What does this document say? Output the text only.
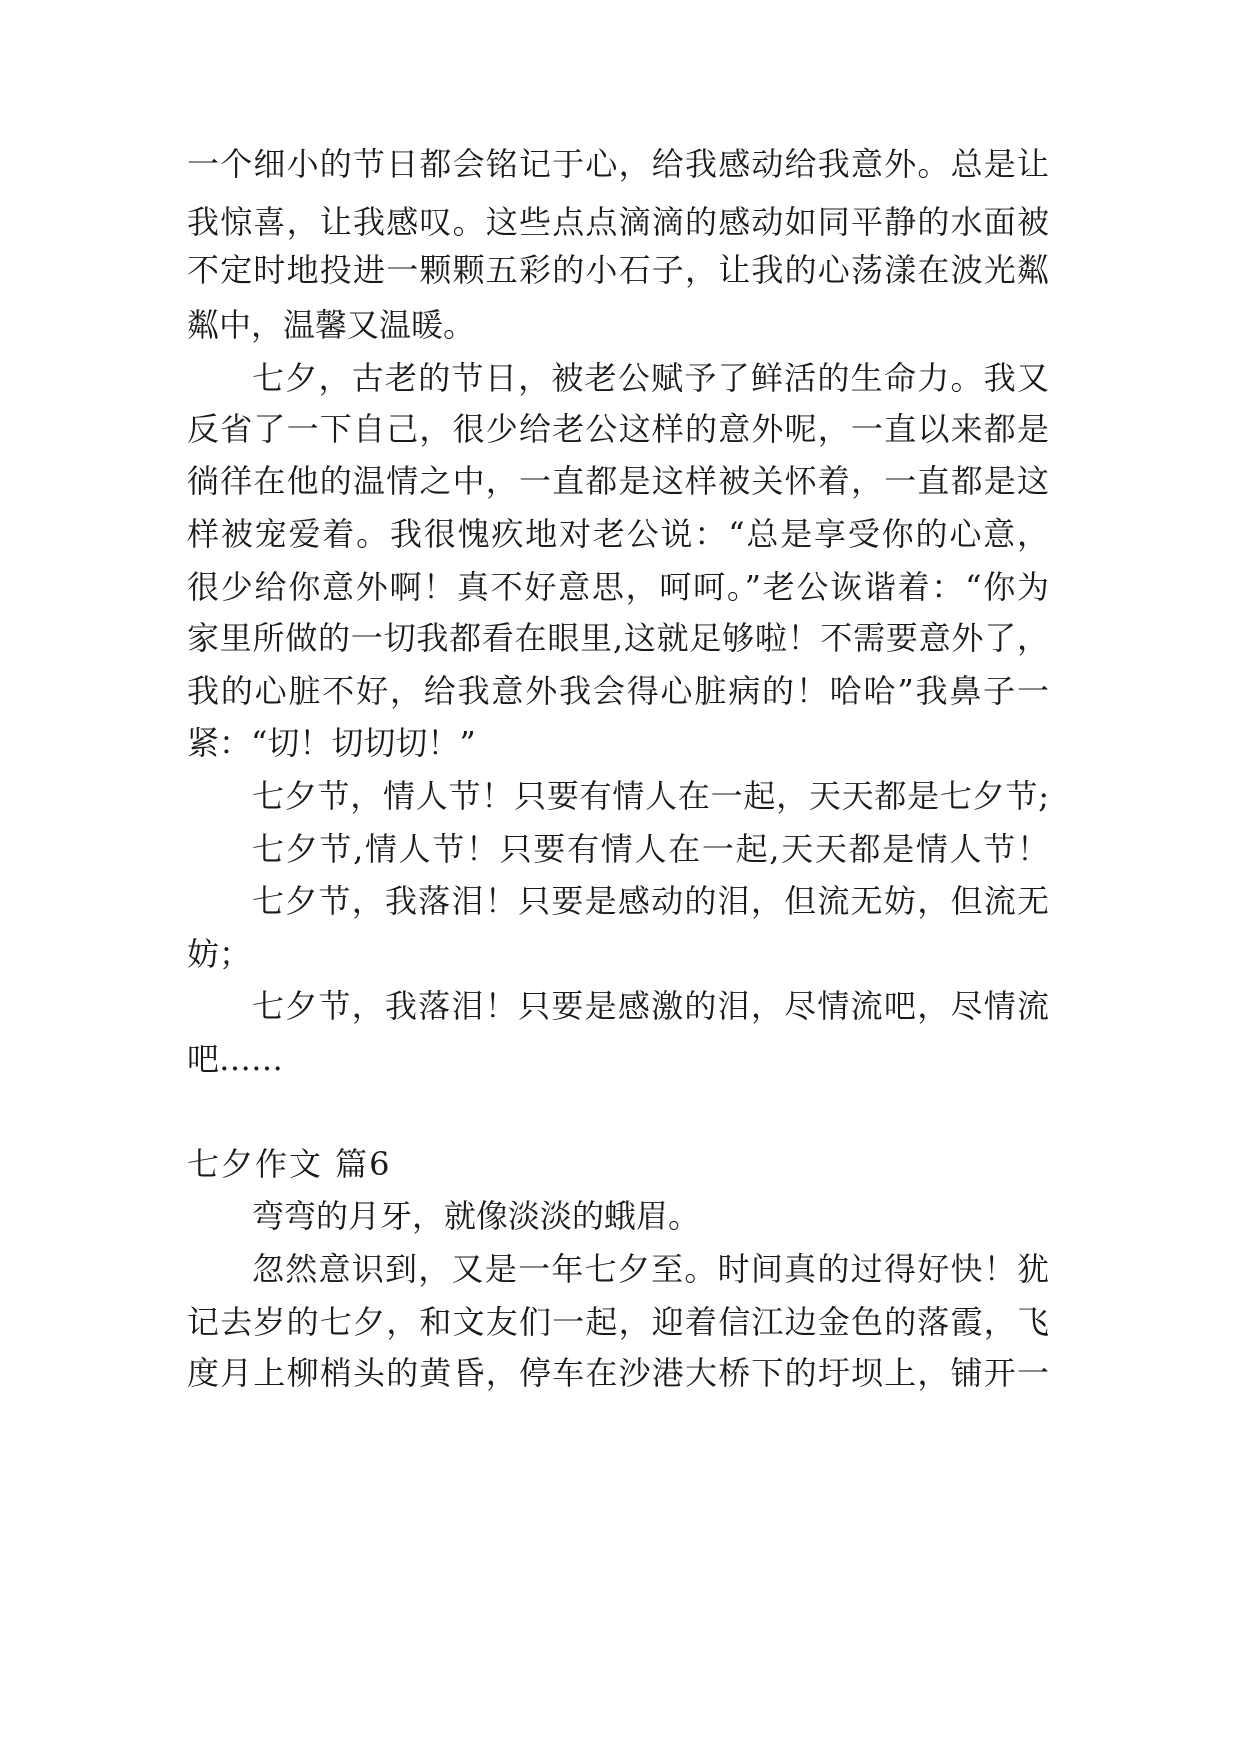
一个细小的节日都会铭记于心，给我感动给我意外。总是让
我惊喜，让我感叹。这些点点滴滴的感动如同平静的水面被
不定时地投进一颗颗五彩的小石子，让我的心荡漾在波光粼
粼中，温馨又温暖。
七夕，古老的节日，被老公赋予了鲜活的生命力。我又
反省了一下自己，很少给老公这样的意外呢，一直以来都是
徜徉在他的温情之中，一直都是这样被关怀着，一直都是这
样被宠爱着。我很愧疚地对老公说：“总是享受你的心意，
很少给你意外啊！真不好意思，呵呵。”老公诙谐着：“你为
家里所做的一切我都看在眼里,这就足够啦！不需要意外了，
我的心脏不好，给我意外我会得心脏病的！哈哈”我鼻子一
紧：“切！切切切！”
七夕节，情人节！只要有情人在一起，天天都是七夕节;
七夕节,情人节！只要有情人在一起,天天都是情人节！
七夕节，我落泪！只要是感动的泪，但流无妨，但流无
妨；
七夕节，我落泪！只要是感激的泪，尽情流吧，尽情流
吧……
七夕作文 篇6
弯弯的月牙，就像淡淡的蛾眉。
忽然意识到，又是一年七夕至。时间真的过得好快！犹
记去岁的七夕，和文友们一起，迎着信江边金色的落霞，飞
度月上柳梢头的黄昏，停车在沙港大桥下的圩坝上，铺开一
